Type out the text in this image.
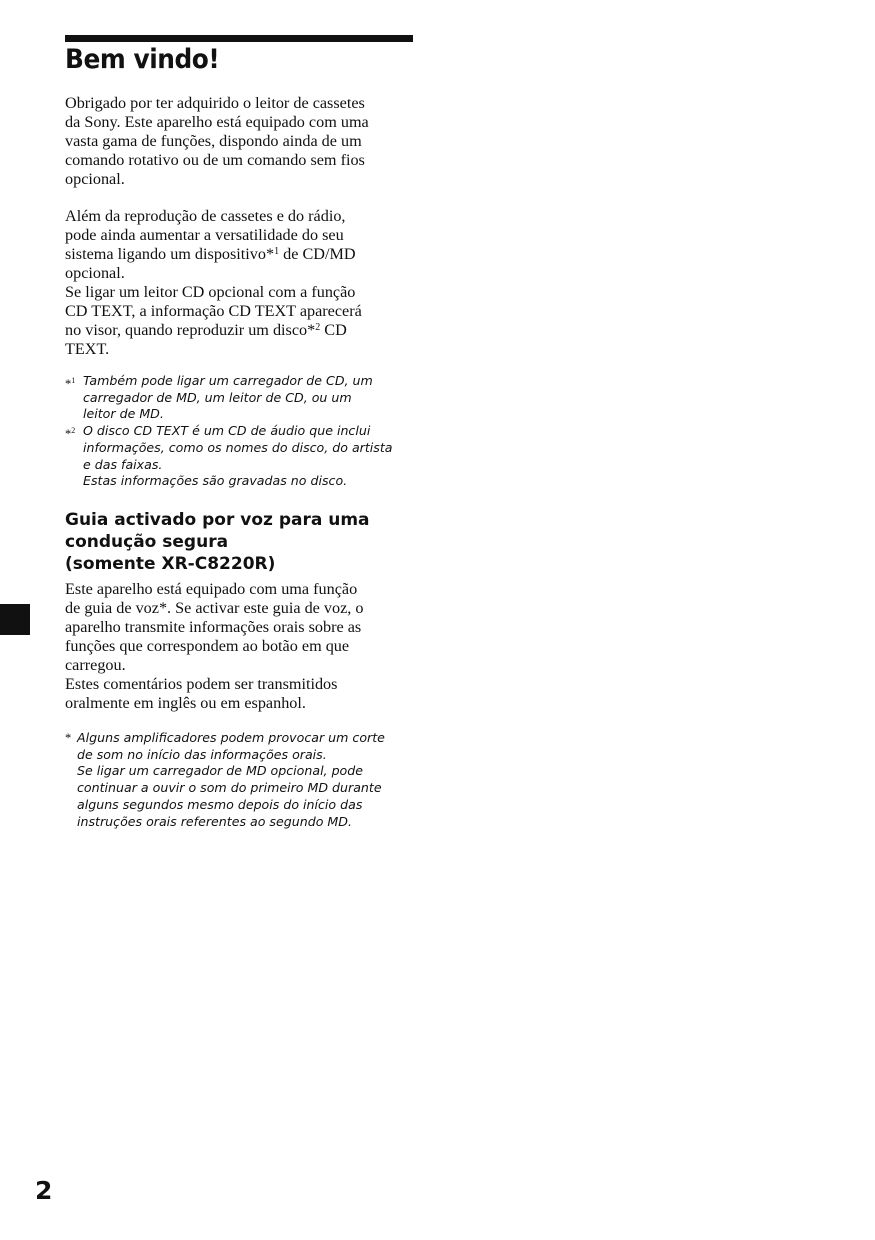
Bem vindo!

Obrigado por ter adquirido o leitor de cassetes
da Sony. Este aparelho está equipado com uma
vasta gama de funções, dispondo ainda de um
comando rotativo ou de um comando sem fios
opcional.

Além da reprodução de cassetes e do rádio,
pode ainda aumentar a versatilidade do seu
sistema ligando um dispositivo*$^1$ de CD/MD
opcional.
Se ligar um leitor CD opcional com a função
CD TEXT, a informação CD TEXT aparecerá
no visor, quando reproduzir um disco*$^2$ CD
TEXT.

*$^1$ Também pode ligar um carregador de CD, um
carregador de MD, um leitor de CD, ou um
leitor de MD.
*$^2$ O disco CD TEXT é um CD de áudio que inclui
informações, como os nomes do disco, do artista
e das faixas.
Estas informações são gravadas no disco.
Guia activado por voz para uma
condução segura
(somente XR-C8220R)

Este aparelho está equipado com uma função
de guia de voz*. Se activar este guia de voz, o
aparelho transmite informações orais sobre as
funções que correspondem ao botão em que
carregou.
Estes comentários podem ser transmitidos
oralmente em inglês ou em espanhol.

* Alguns amplificadores podem provocar um corte
de som no início das informações orais.
Se ligar um carregador de MD opcional, pode
continuar a ouvir o som do primeiro MD durante
alguns segundos mesmo depois do início das
instruções orais referentes ao segundo MD.
2
